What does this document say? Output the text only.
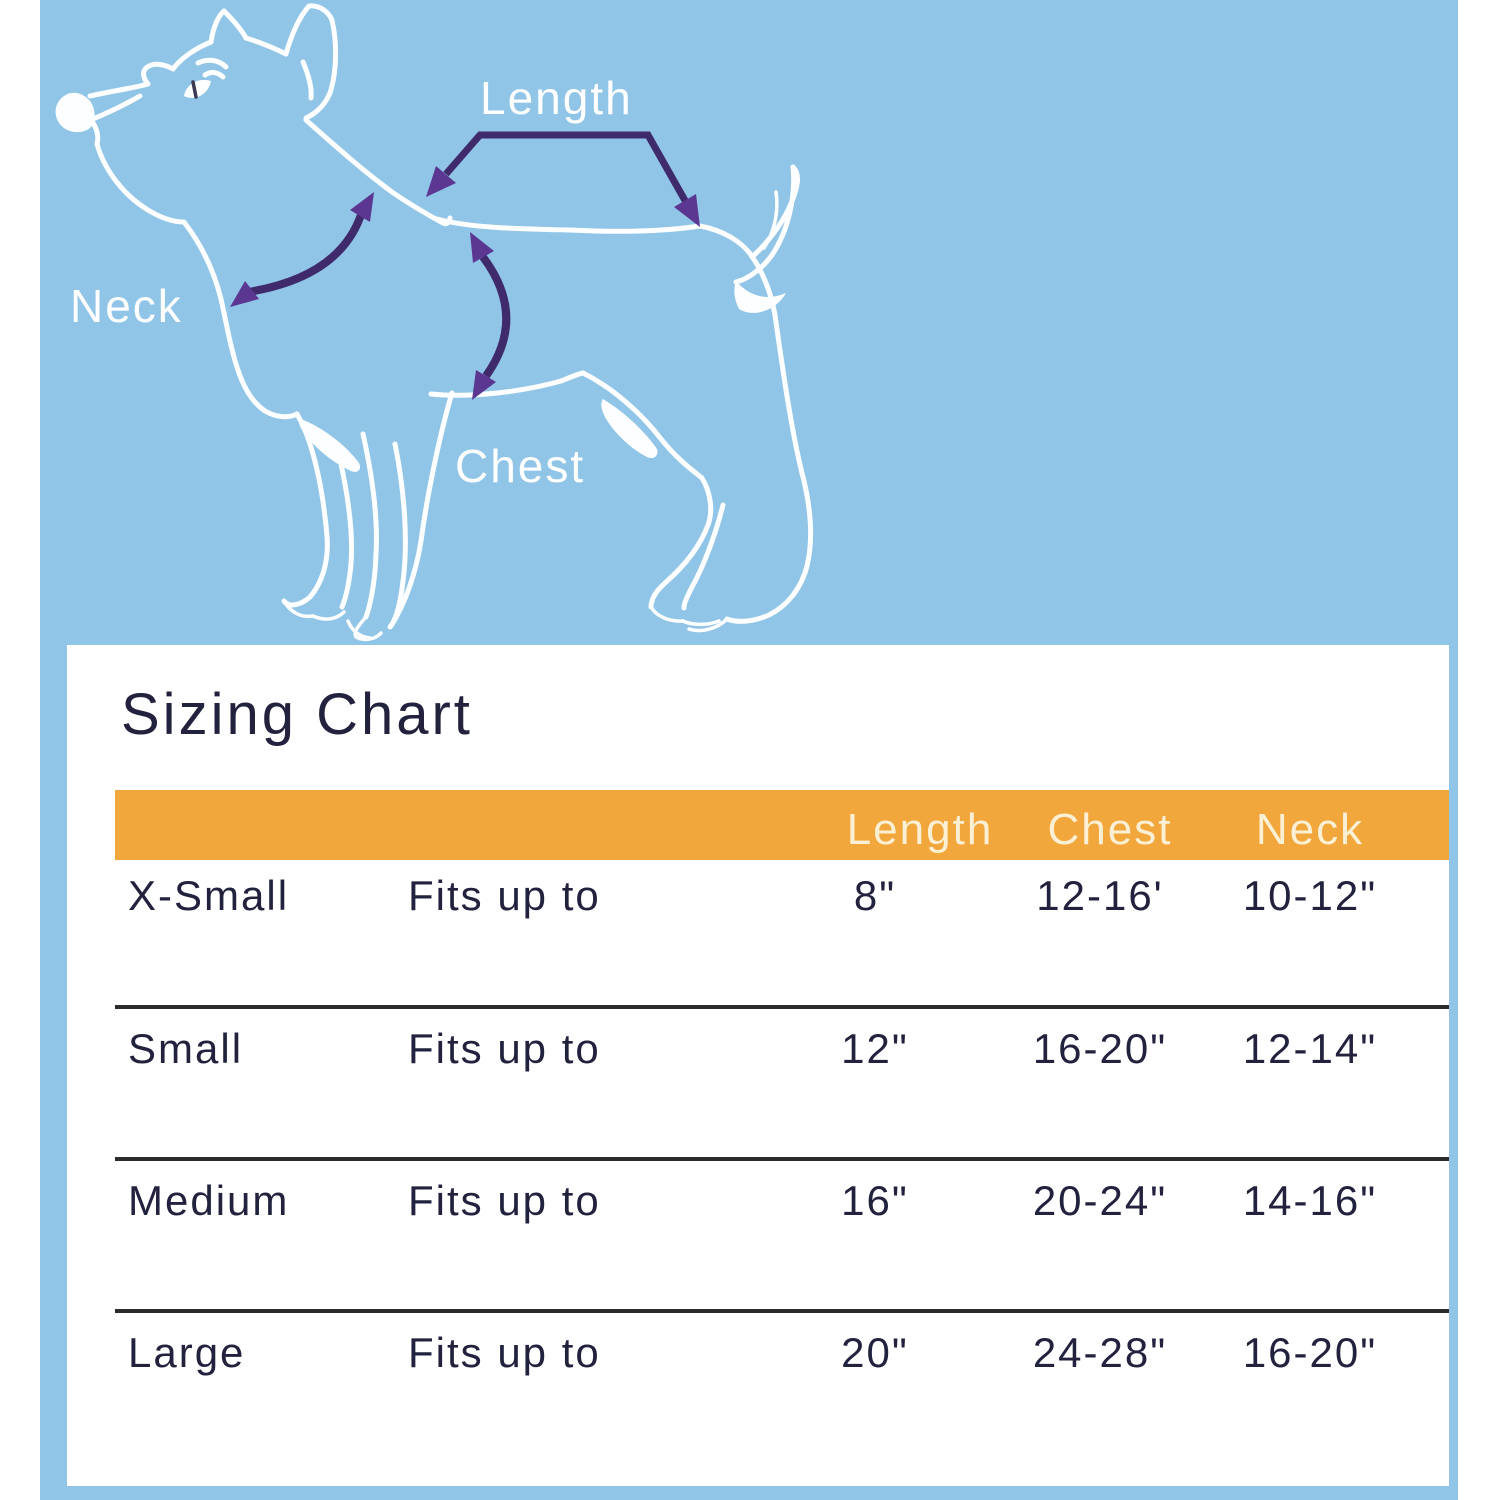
Length
Neck
Chest
Sizing Chart
Length Chest Neck
X-Small	Fits up to	8"	12-16'	10-12"
Small	Fits up to	12"	16-20"	12-14"
Medium	Fits up to	16"	20-24"	14-16"
Large	Fits up to	20"	24-28"	16-20"
